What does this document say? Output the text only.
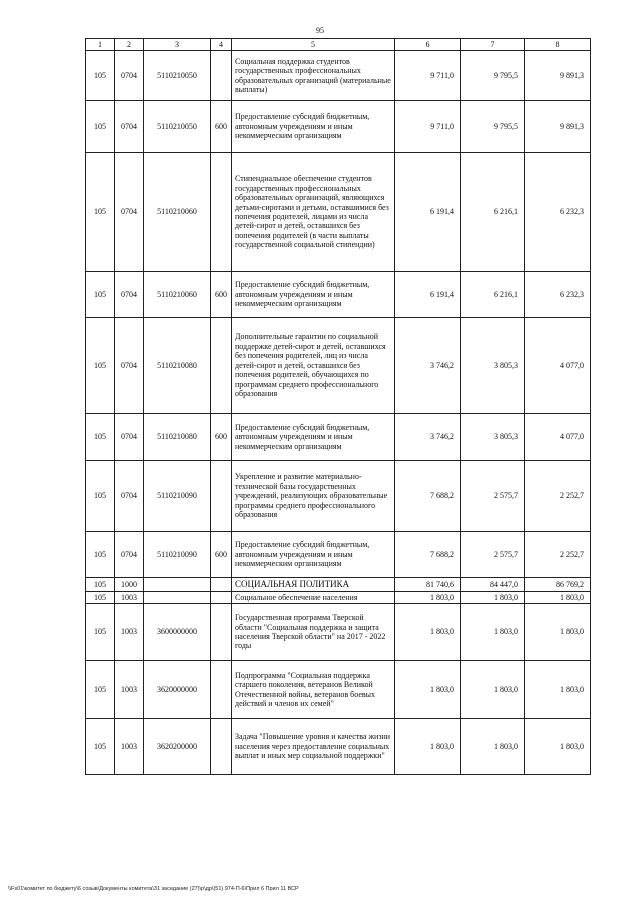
95
1	2	3	4	5	6	7	8
105	0704	5110210050		Социальная поддержка студентов государственных профессиональных образовательных организаций (материальные выплаты)	9 711,0	9 795,5	9 891,3
105	0704	5110210050	600	Предоставление субсидий бюджетным, автономным учреждениям и иным некоммерческим организациям	9 711,0	9 795,5	9 891,3
105	0704	5110210060		Стипендиальное обеспечение студентов государственных профессиональных образовательных организаций, являющихся детьми-сиротами и детьми, оставшимися без попечения родителей, лицами из числа детей-сирот и детей, оставшихся без попечения родителей (в части выплаты государственной социальной стипендии)	6 191,4	6 216,1	6 232,3
105	0704	5110210060	600	Предоставление субсидий бюджетным, автономным учреждениям и иным некоммерческим организациям	6 191,4	6 216,1	6 232,3
105	0704	5110210080		Дополнительные гарантии по социальной поддержке детей-сирот и детей, оставшихся без попечения родителей, лиц из числа детей-сирот и детей, оставшихся без попечения родителей, обучающихся по программам среднего профессионального образования	3 746,2	3 805,3	4 077,0
105	0704	5110210080	600	Предоставление субсидий бюджетным, автономным учреждениям и иным некоммерческим организациям	3 746,2	3 805,3	4 077,0
105	0704	5110210090		Укрепление и развитие материально-технической базы государственных учреждений, реализующих образовательные программы среднего профессионального образования	7 688,2	2 575,7	2 252,7
105	0704	5110210090	600	Предоставление субсидий бюджетным, автономным учреждениям и иным некоммерческим организациям	7 688,2	2 575,7	2 252,7
105	1000			СОЦИАЛЬНАЯ ПОЛИТИКА	81 740,6	84 447,0	86 769,2
105	1003			Социальное обеспечение населения	1 803,0	1 803,0	1 803,0
105	1003	3600000000		Государственная программа Тверской области "Социальная поддержка и защита населения Тверской области" на 2017 - 2022 годы	1 803,0	1 803,0	1 803,0
105	1003	3620000000		Подпрограмма "Социальная поддержка старшего поколения, ветеранов Великой Отечественной войны, ветеранов боевых действий и членов их семей"	1 803,0	1 803,0	1 803,0
105	1003	3620200000		Задача "Повышение уровня и качества жизни населения через предоставление социальных выплат и иных мер социальной поддержки"	1 803,0	1 803,0	1 803,0
\\Fs01\комитет по бюджету\6 созыв\Документы комитета\31 заседание (27)\р\др\(51) 974-П-6\Прил 6 Прил 11 ВСР
